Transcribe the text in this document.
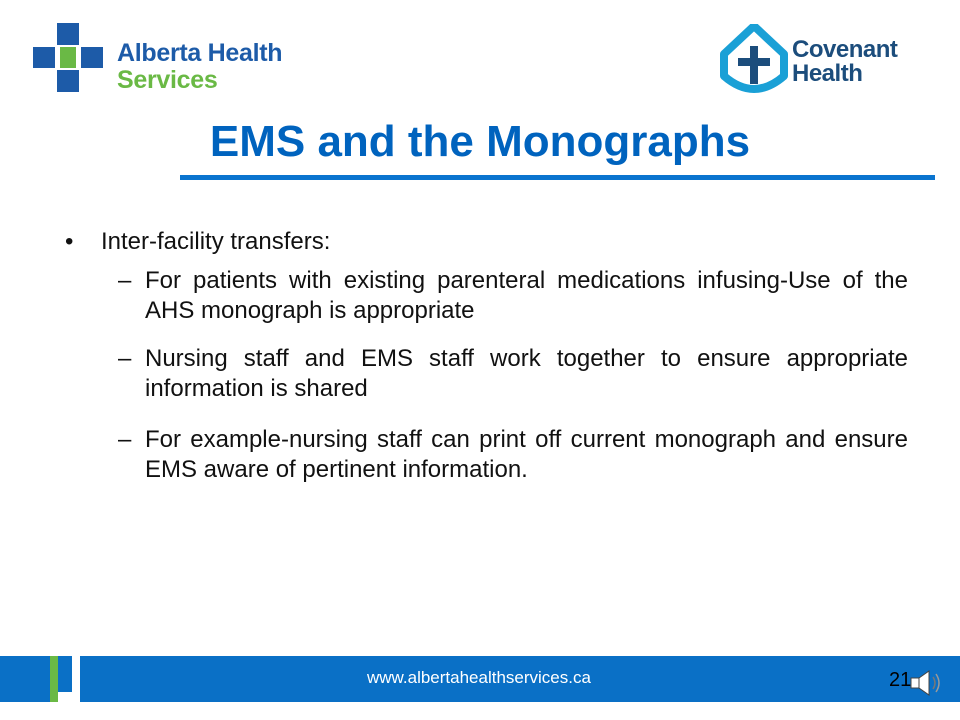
Alberta Health
Services
Covenant
Health
EMS and the Monographs
• Inter-facility transfers:
– For patients with existing parenteral medications infusing-Use of the AHS monograph is appropriate
– Nursing staff and EMS staff work together to ensure appropriate information is shared
– For example-nursing staff can print off current monograph and ensure EMS aware of pertinent information.
www.albertahealthservices.ca	21
